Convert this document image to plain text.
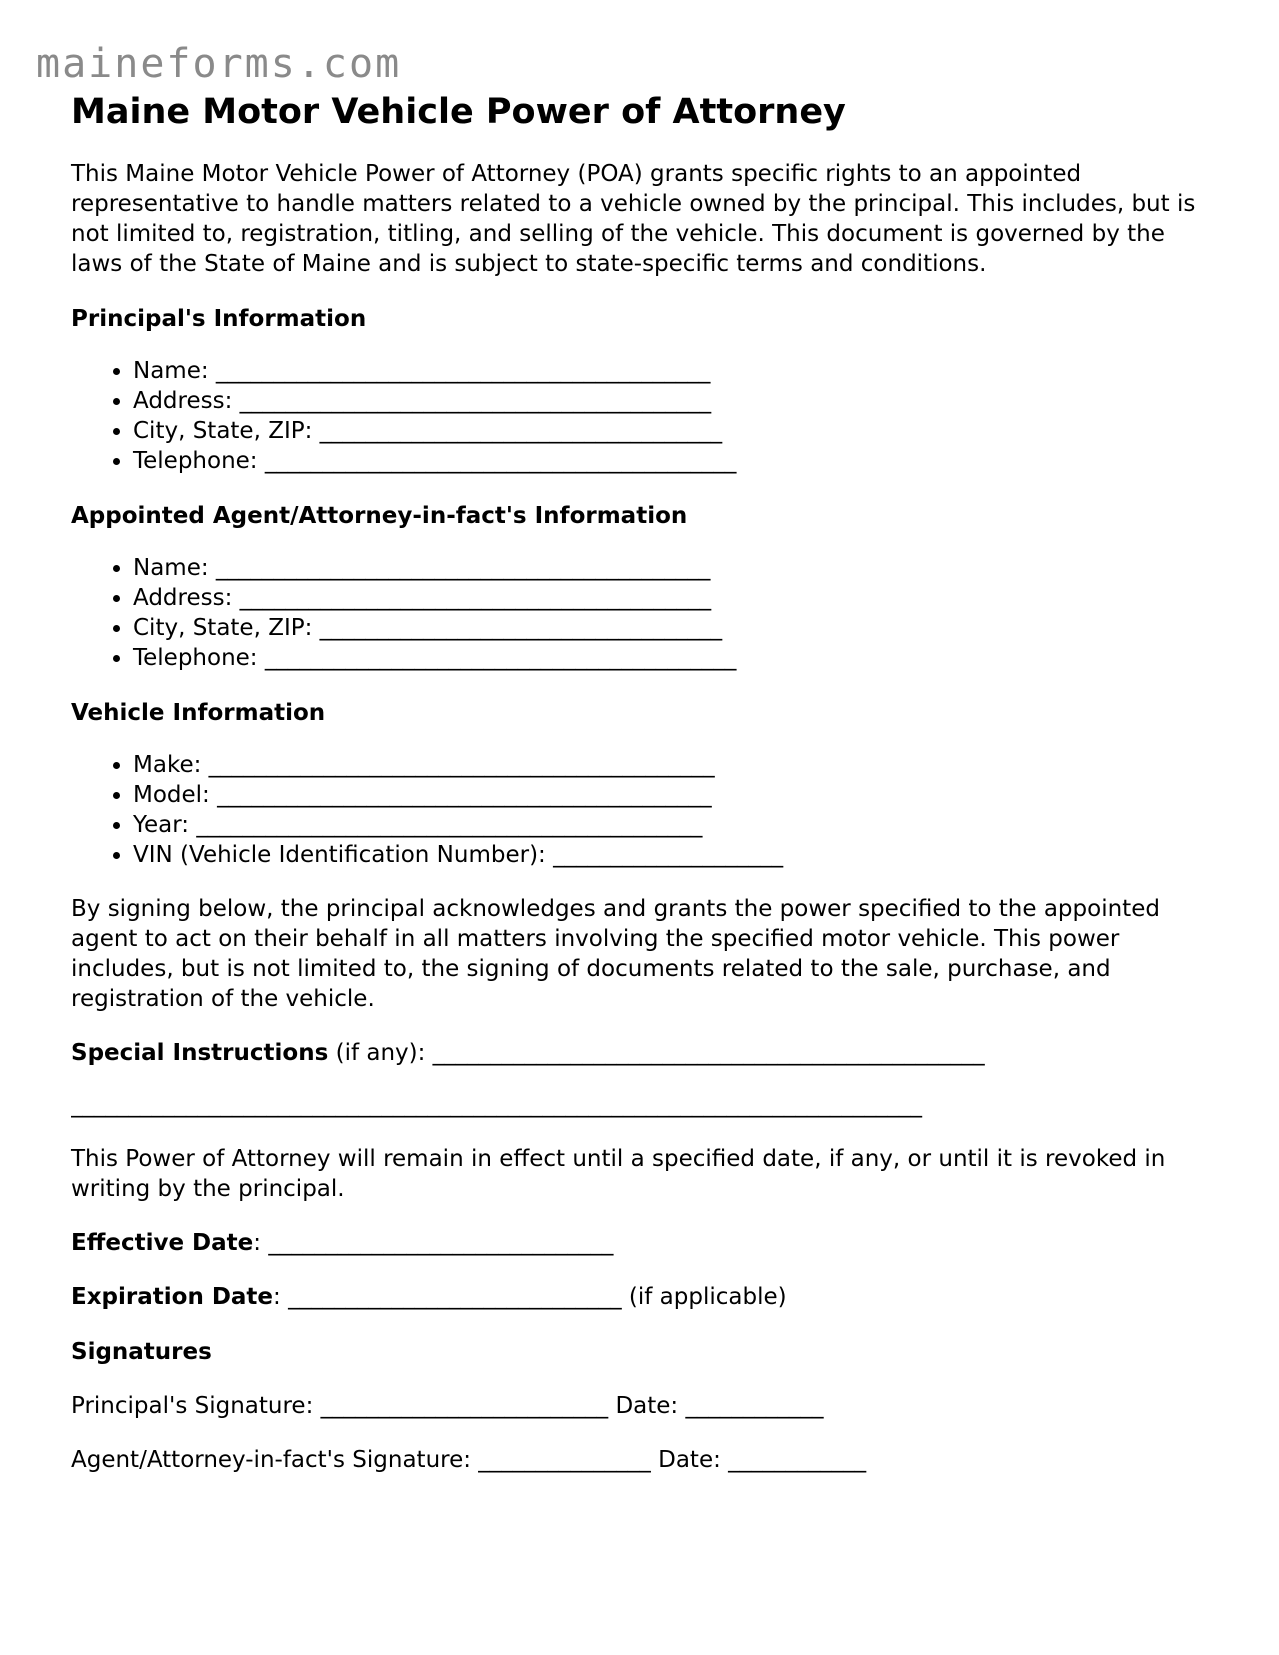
maineforms.com
Maine Motor Vehicle Power of Attorney

This Maine Motor Vehicle Power of Attorney (POA) grants specific rights to an appointed representative to handle matters related to a vehicle owned by the principal. This includes, but is not limited to, registration, titling, and selling of the vehicle. This document is governed by the laws of the State of Maine and is subject to state-specific terms and conditions.

Principal's Information
• Name: ___________________________________________
• Address: _________________________________________
• City, State, ZIP: ___________________________________
• Telephone: _________________________________________
Appointed Agent/Attorney-in-fact's Information
• Name: ___________________________________________
• Address: _________________________________________
• City, State, ZIP: ___________________________________
• Telephone: _________________________________________
Vehicle Information
• Make: ____________________________________________
• Model: ___________________________________________
• Year: ____________________________________________
• VIN (Vehicle Identification Number): ____________________

By signing below, the principal acknowledges and grants the power specified to the appointed agent to act on their behalf in all matters involving the specified motor vehicle. This power includes, but is not limited to, the signing of documents related to the sale, purchase, and registration of the vehicle.

Special Instructions (if any): ________________________________________________

__________________________________________________________________________

This Power of Attorney will remain in effect until a specified date, if any, or until it is revoked in writing by the principal.

Effective Date: ______________________________

Expiration Date: _____________________________ (if applicable)

Signatures

Principal's Signature: _________________________ Date: ____________

Agent/Attorney-in-fact's Signature: _______________ Date: ____________
